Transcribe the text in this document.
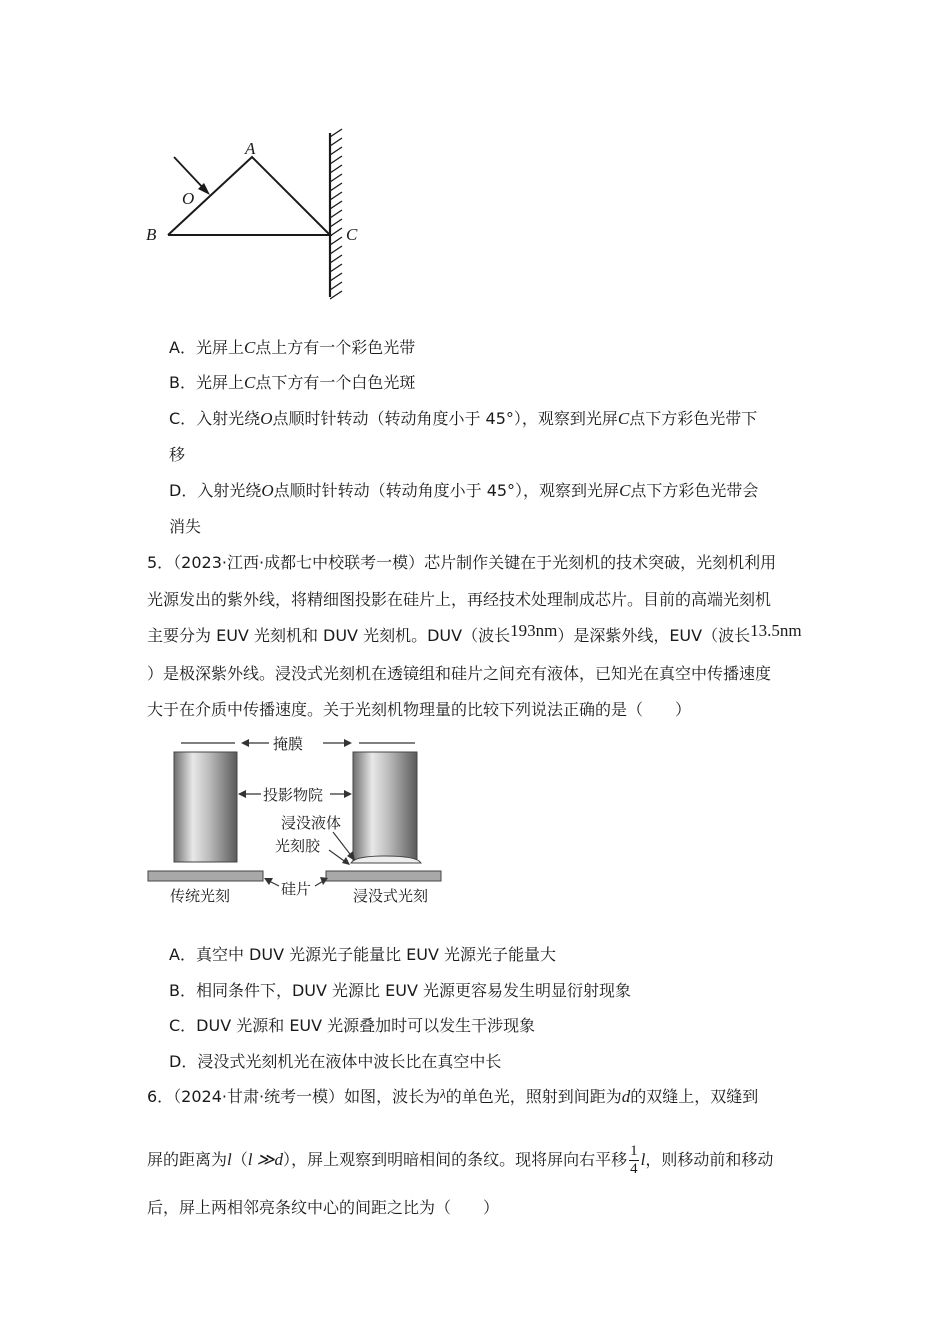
A
O
B	C
A．光屏上C点上方有一个彩色光带
B．光屏上C点下方有一个白色光斑
C．入射光绕O点顺时针转动（转动角度小于 45°），观察到光屏C点下方彩色光带下
移
D．入射光绕O点顺时针转动（转动角度小于 45°），观察到光屏C点下方彩色光带会
消失
5．（2023·江西·成都七中校联考一模）芯片制作关键在于光刻机的技术突破，光刻机利用
光源发出的紫外线，将精细图投影在硅片上，再经技术处理制成芯片。目前的高端光刻机
主要分为 EUV 光刻机和 DUV 光刻机。DUV（波长193nm）是深紫外线，EUV（波长13.5nm
）是极深紫外线。浸没式光刻机在透镜组和硅片之间充有液体，已知光在真空中传播速度
大于在介质中传播速度。关于光刻机物理量的比较下列说法正确的是（　　）
掩膜
投影物院
浸没液体
光刻胶
硅片
传统光刻	浸没式光刻
A．真空中 DUV 光源光子能量比 EUV 光源光子能量大
B．相同条件下，DUV 光源比 EUV 光源更容易发生明显衍射现象
C．DUV 光源和 EUV 光源叠加时可以发生干涉现象
D．浸没式光刻机光在液体中波长比在真空中长
6．（2024·甘肃·统考一模）如图，波长为$^\lambda$的单色光，照射到间距为d的双缝上，双缝到
屏的距离为l（l ≫d），屏上观察到明暗相间的条纹。现将屏向右平移 $\frac{1}{4}$ l，则移动前和移动
后，屏上两相邻亮条纹中心的间距之比为（　　）
